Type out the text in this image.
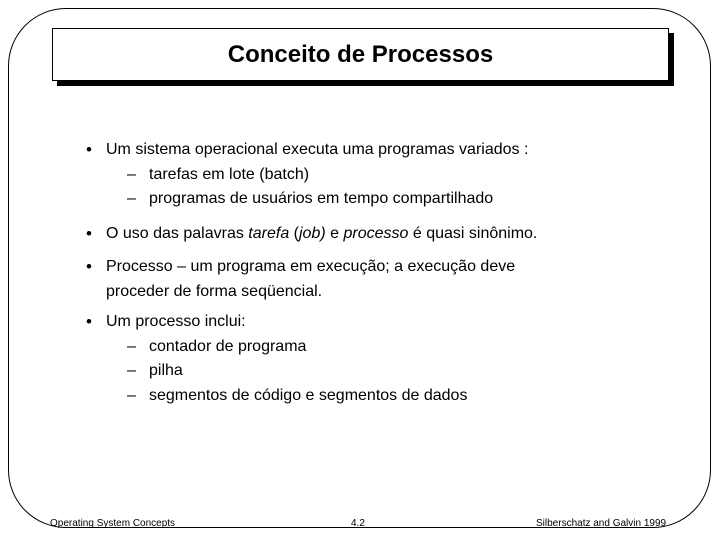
Conceito de Processos
• Um sistema operacional executa uma programas variados :
– tarefas em lote (batch)
– programas de usuários em tempo compartilhado
• O uso das palavras tarefa (job) e processo é quasi sinônimo.
• Processo – um programa em execução; a execução deve
proceder de forma seqüencial.
• Um processo inclui:
– contador de programa
– pilha
– segmentos de código e segmentos de dados
Operating System Concepts	4.2	Silberschatz and Galvin 1999
